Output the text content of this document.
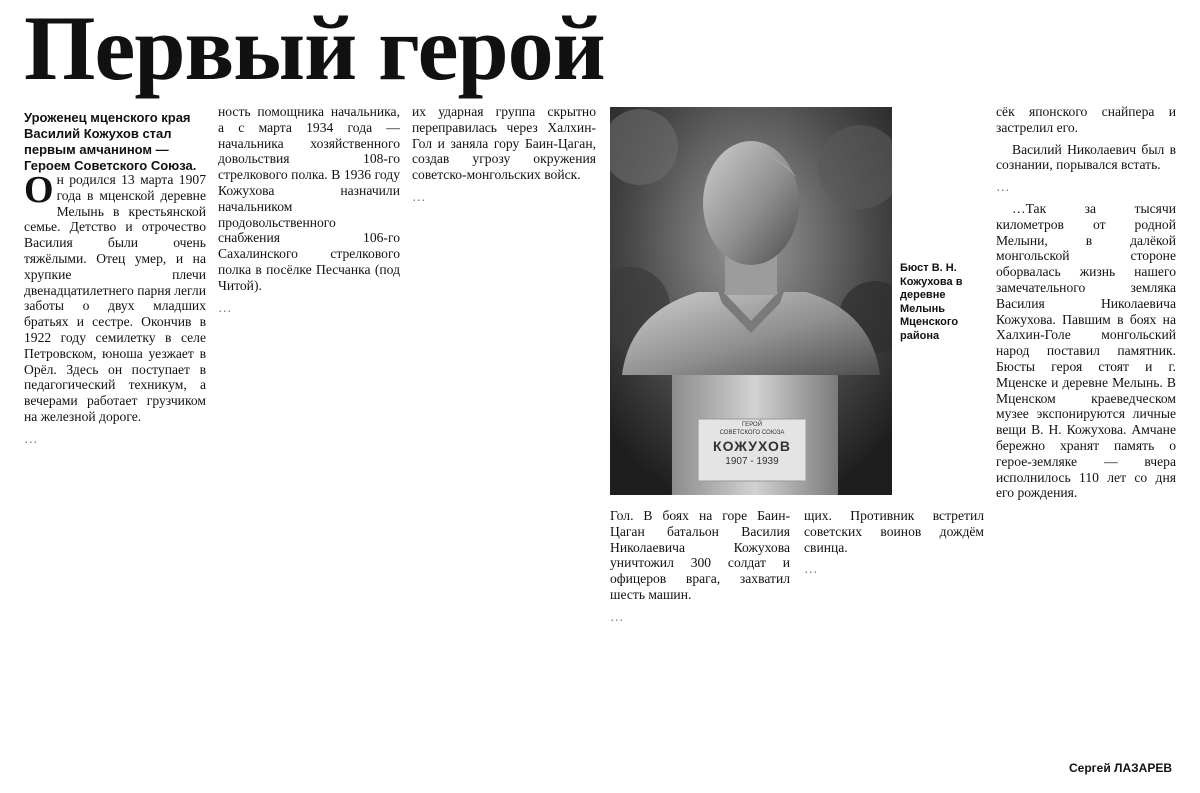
Первый герой

Уроженец мценского края Василий Кожухов стал первым амчанином — Героем Советского Союза.

Он родился 13 марта 1907 года в мценской деревне Мелынь в крестьянской семье. Детство и отрочество Василия были очень тяжёлыми. Отец умер, и на хрупкие плечи двенадцатилетнего парня легли заботы о двух младших братьях и сестре. Окончив в 1922 году семилетку в селе Петровском, юноша уезжает в Орёл. Здесь он поступает в педагогический техникум, а вечерами работает грузчиком на железной дороге.

…

ность помощника начальника, а с марта 1934 года — начальника хозяйственного довольствия 108-го стрелкового полка. В 1936 году Кожухова назначили начальником продовольственного снабжения 106-го Сахалинского стрелкового полка в посёлке Песчанка (под Читой).

…

их ударная группа скрытно переправилась через Халхин-Гол и заняла гору Баин-Цаган, создав угрозу окружения советско-монгольских войск.

…

ГЕРОЙ
СОВЕТСКОГО СОЮЗА
КОЖУХОВ
1907 - 1939

Бюст В. Н. Кожухова в деревне Мелынь Мценского района

Гол. В боях на горе Баин-Цаган батальон Василия Николаевича Кожухова уничтожил 300 солдат и офицеров врага, захватил шесть машин.

…

щих. Противник встретил советских воинов дождём свинца.

…

сёк японского снайпера и застрелил его.

Василий Николаевич был в сознании, порывался встать.

…

…Так за тысячи километров от родной Мелыни, в далёкой монгольской стороне оборвалась жизнь нашего замечательного земляка Василия Николаевича Кожухова. Павшим в боях на Халхин-Голе монгольский народ поставил памятник. Бюсты героя стоят и г. Мценске и деревне Мелынь. В Мценском краеведческом музее экспонируются личные вещи В. Н. Кожухова. Амчане бережно хранят память о герое-земляке — вчера исполнилось 110 лет со дня его рождения.

Сергей ЛАЗАРЕВ
